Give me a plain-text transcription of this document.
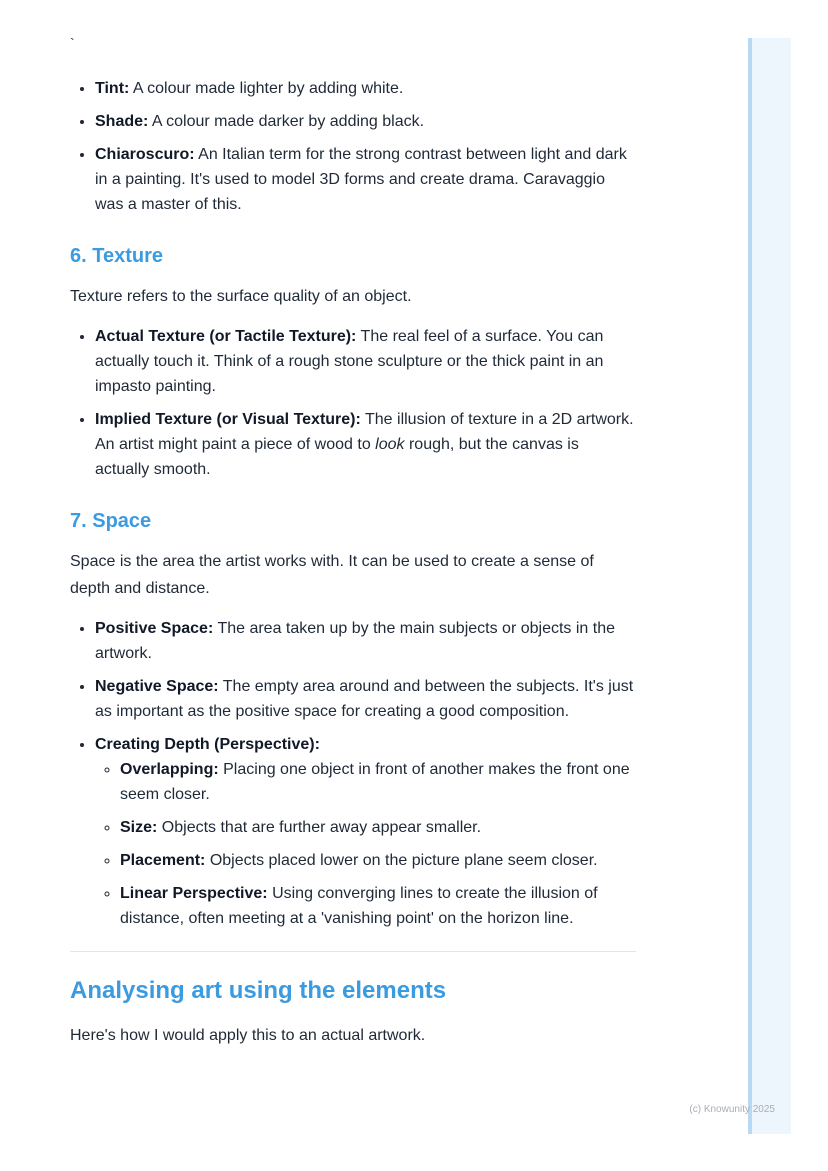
`
• Tint: A colour made lighter by adding white.
• Shade: A colour made darker by adding black.
• Chiaroscuro: An Italian term for the strong contrast between light and dark in a painting. It's used to model 3D forms and create drama. Caravaggio was a master of this.
6. Texture

Texture refers to the surface quality of an object.

• Actual Texture (or Tactile Texture): The real feel of a surface. You can actually touch it. Think of a rough stone sculpture or the thick paint in an impasto painting.
• Implied Texture (or Visual Texture): The illusion of texture in a 2D artwork. An artist might paint a piece of wood to look rough, but the canvas is actually smooth.
7. Space

Space is the area the artist works with. It can be used to create a sense of depth and distance.

• Positive Space: The area taken up by the main subjects or objects in the artwork.
• Negative Space: The empty area around and between the subjects. It's just as important as the positive space for creating a good composition.
• Creating Depth (Perspective):
◦ Overlapping: Placing one object in front of another makes the front one seem closer.
◦ Size: Objects that are further away appear smaller.
◦ Placement: Objects placed lower on the picture plane seem closer.
◦ Linear Perspective: Using converging lines to create the illusion of distance, often meeting at a 'vanishing point' on the horizon line.
Analysing art using the elements

Here's how I would apply this to an actual artwork.

(c) Knowunity 2025
